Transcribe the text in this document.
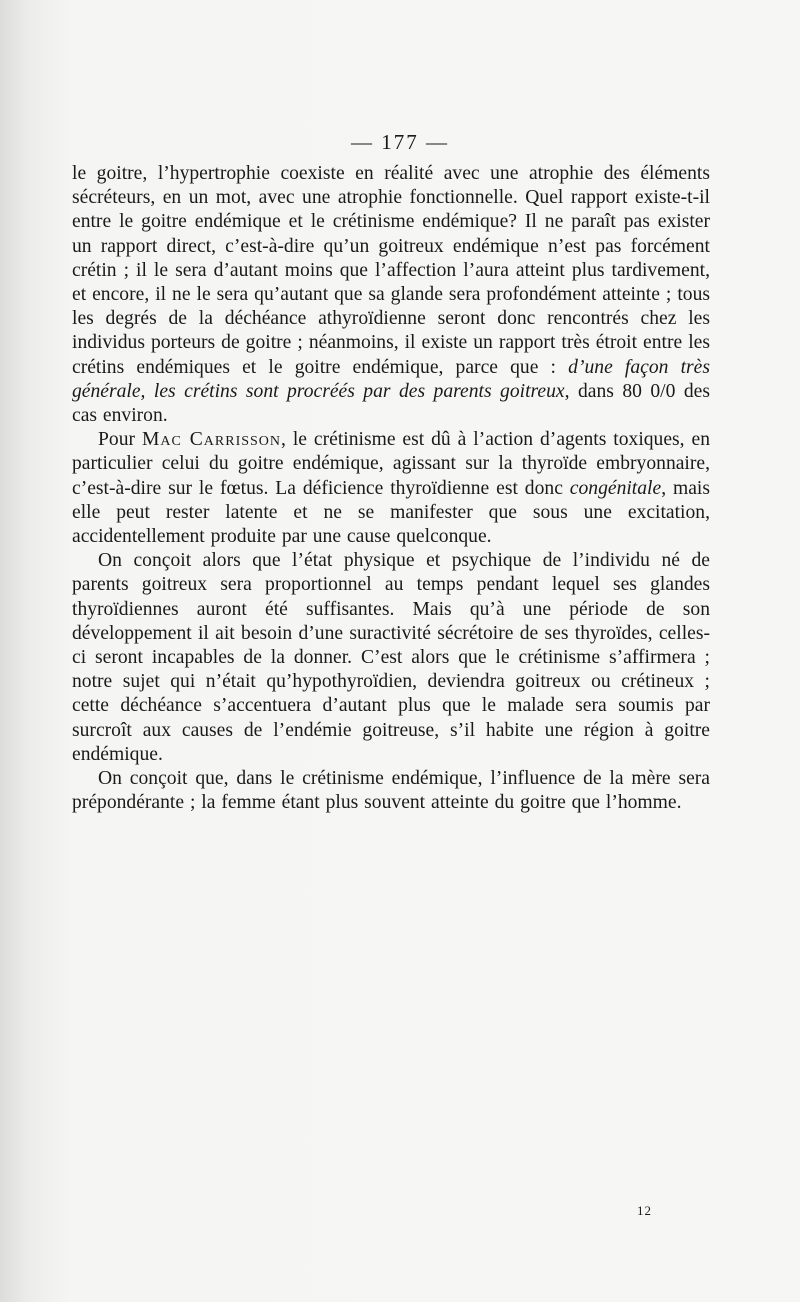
— 177 —

le goitre, l’hypertrophie coexiste en réalité avec une atrophie des éléments sécréteurs, en un mot, avec une atrophie fonctionnelle. Quel rapport existe-t-il entre le goitre endémique et le crétinisme endémique? Il ne paraît pas exister un rapport direct, c’est-à-dire qu’un goitreux endémique n’est pas forcément crétin ; il le sera d’autant moins que l’affection l’aura atteint plus tardivement, et encore, il ne le sera qu’autant que sa glande sera profondément atteinte ; tous les degrés de la déchéance athyroïdienne seront donc rencontrés chez les individus porteurs de goitre ; néanmoins, il existe un rapport très étroit entre les crétins endémiques et le goitre endémique, parce que : d’une façon très générale, les crétins sont procréés par des parents goitreux, dans 80 0/0 des cas environ.

Pour Mac Carrisson, le crétinisme est dû à l’action d’agents toxiques, en particulier celui du goitre endémique, agissant sur la thyroïde embryonnaire, c’est-à-dire sur le fœtus. La déficience thyroïdienne est donc congénitale, mais elle peut rester latente et ne se manifester que sous une excitation, accidentellement produite par une cause quelconque.

On conçoit alors que l’état physique et psychique de l’individu né de parents goitreux sera proportionnel au temps pendant lequel ses glandes thyroïdiennes auront été suffisantes. Mais qu’à une période de son développement il ait besoin d’une suractivité sécrétoire de ses thyroïdes, celles-ci seront incapables de la donner. C’est alors que le crétinisme s’affirmera ; notre sujet qui n’était qu’hypothyroïdien, deviendra goitreux ou crétineux ; cette déchéance s’accentuera d’autant plus que le malade sera soumis par surcroît aux causes de l’endémie goitreuse, s’il habite une région à goitre endémique.

On conçoit que, dans le crétinisme endémique, l’influence de la mère sera prépondérante ; la femme étant plus souvent atteinte du goitre que l’homme.

12
